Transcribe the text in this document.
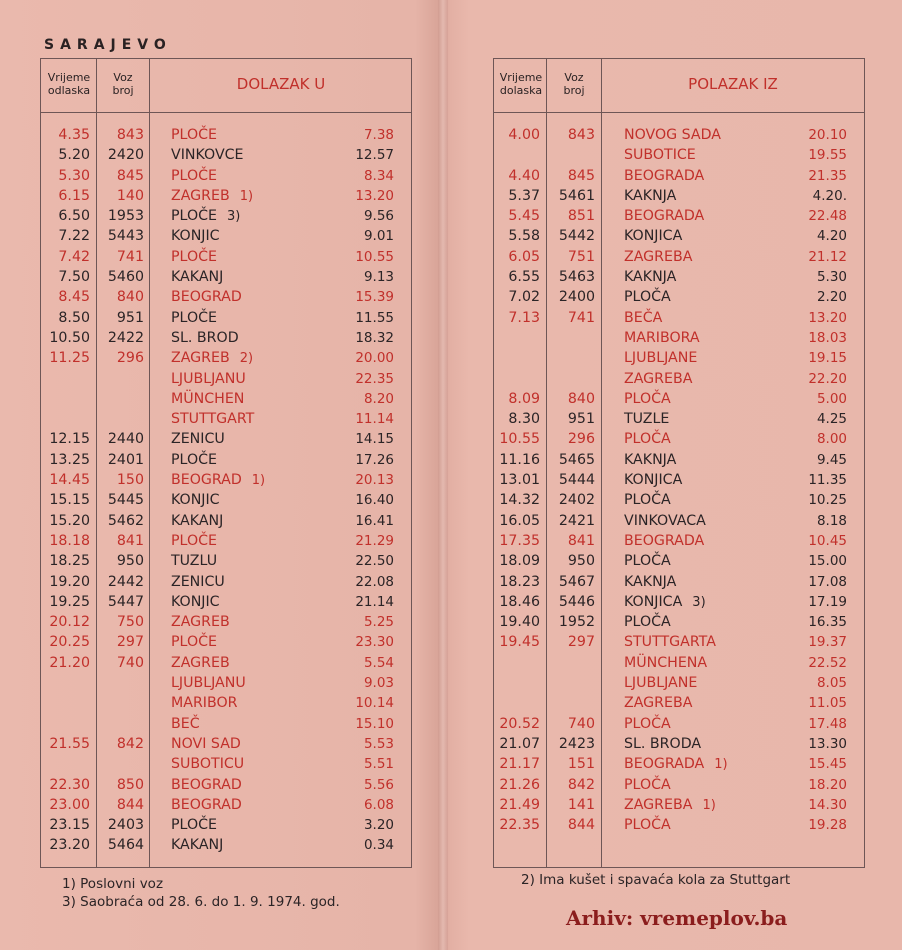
SARAJEVO
Vrijeme odlaska
Voz broj	DOLAZAK U
4.35	843 PLOČE	7.38
5.20	2420 VINKOVCE	12.57
5.30	845 PLOČE	8.34
6.15	140 ZAGREB 1)	13.20
6.50	1953 PLOČE 3)	9.56
7.22	5443 KONJIC	9.01
7.42	741 PLOČE	10.55
7.50	5460 KAKANJ	9.13
8.45	840 BEOGRAD	15.39
8.50	951 PLOČE	11.55
10.50	2422 SL. BROD	18.32
11.25	296 ZAGREB 2)	20.00
LJUBLJANU	22.35
MÜNCHEN	8.20
STUTTGART	11.14
12.15	2440 ZENICU	14.15
13.25	2401 PLOČE	17.26
14.45	150 BEOGRAD 1)	20.13
15.15	5445 KONJIC	16.40
15.20	5462 KAKANJ	16.41
18.18	841 PLOČE	21.29
18.25	950 TUZLU	22.50
19.20	2442 ZENICU	22.08
19.25	5447 KONJIC	21.14
20.12	750 ZAGREB	5.25
20.25	297 PLOČE	23.30
21.20	740 ZAGREB	5.54
LJUBLJANU	9.03
MARIBOR	10.14
BEČ	15.10
21.55	842 NOVI SAD	5.53
SUBOTICU	5.51
22.30	850 BEOGRAD	5.56
23.00	844 BEOGRAD	6.08
23.15	2403 PLOČE	3.20
23.20	5464 KAKANJ	0.34
Vrijeme dolaska
Voz broj	POLAZAK IZ
4.00	843 NOVOG SADA	20.10
SUBOTICE	19.55
4.40	845 BEOGRADA	21.35
5.37	5461 KAKNJA	4.20.
5.45	851 BEOGRADA	22.48
5.58	5442 KONJICA	4.20
6.05	751 ZAGREBA	21.12
6.55	5463 KAKNJA	5.30
7.02	2400 PLOČA	2.20
7.13	741 BEČA	13.20
MARIBORA	18.03
LJUBLJANE	19.15
ZAGREBA	22.20
8.09	840 PLOČA	5.00
8.30	951 TUZLE	4.25
10.55	296 PLOČA	8.00
11.16	5465 KAKNJA	9.45
13.01	5444 KONJICA	11.35
14.32	2402 PLOČA	10.25
16.05	2421 VINKOVACA	8.18
17.35	841 BEOGRADA	10.45
18.09	950 PLOČA	15.00
18.23	5467 KAKNJA	17.08
18.46	5446 KONJICA 3)	17.19
19.40	1952 PLOČA	16.35
19.45	297 STUTTGARTA	19.37
MÜNCHENA	22.52
LJUBLJANE	8.05
ZAGREBA	11.05
20.52	740 PLOČA	17.48
21.07	2423 SL. BRODA	13.30
21.17	151 BEOGRADA 1)	15.45
21.26	842 PLOČA	18.20
21.49	141 ZAGREBA 1)	14.30
22.35	844 PLOČA	19.28
1) Poslovni voz
3) Saobraća od 28. 6. do 1. 9. 1974. god.
2) Ima kušet i spavaća kola za Stuttgart
Arhiv: vremeplov.ba
